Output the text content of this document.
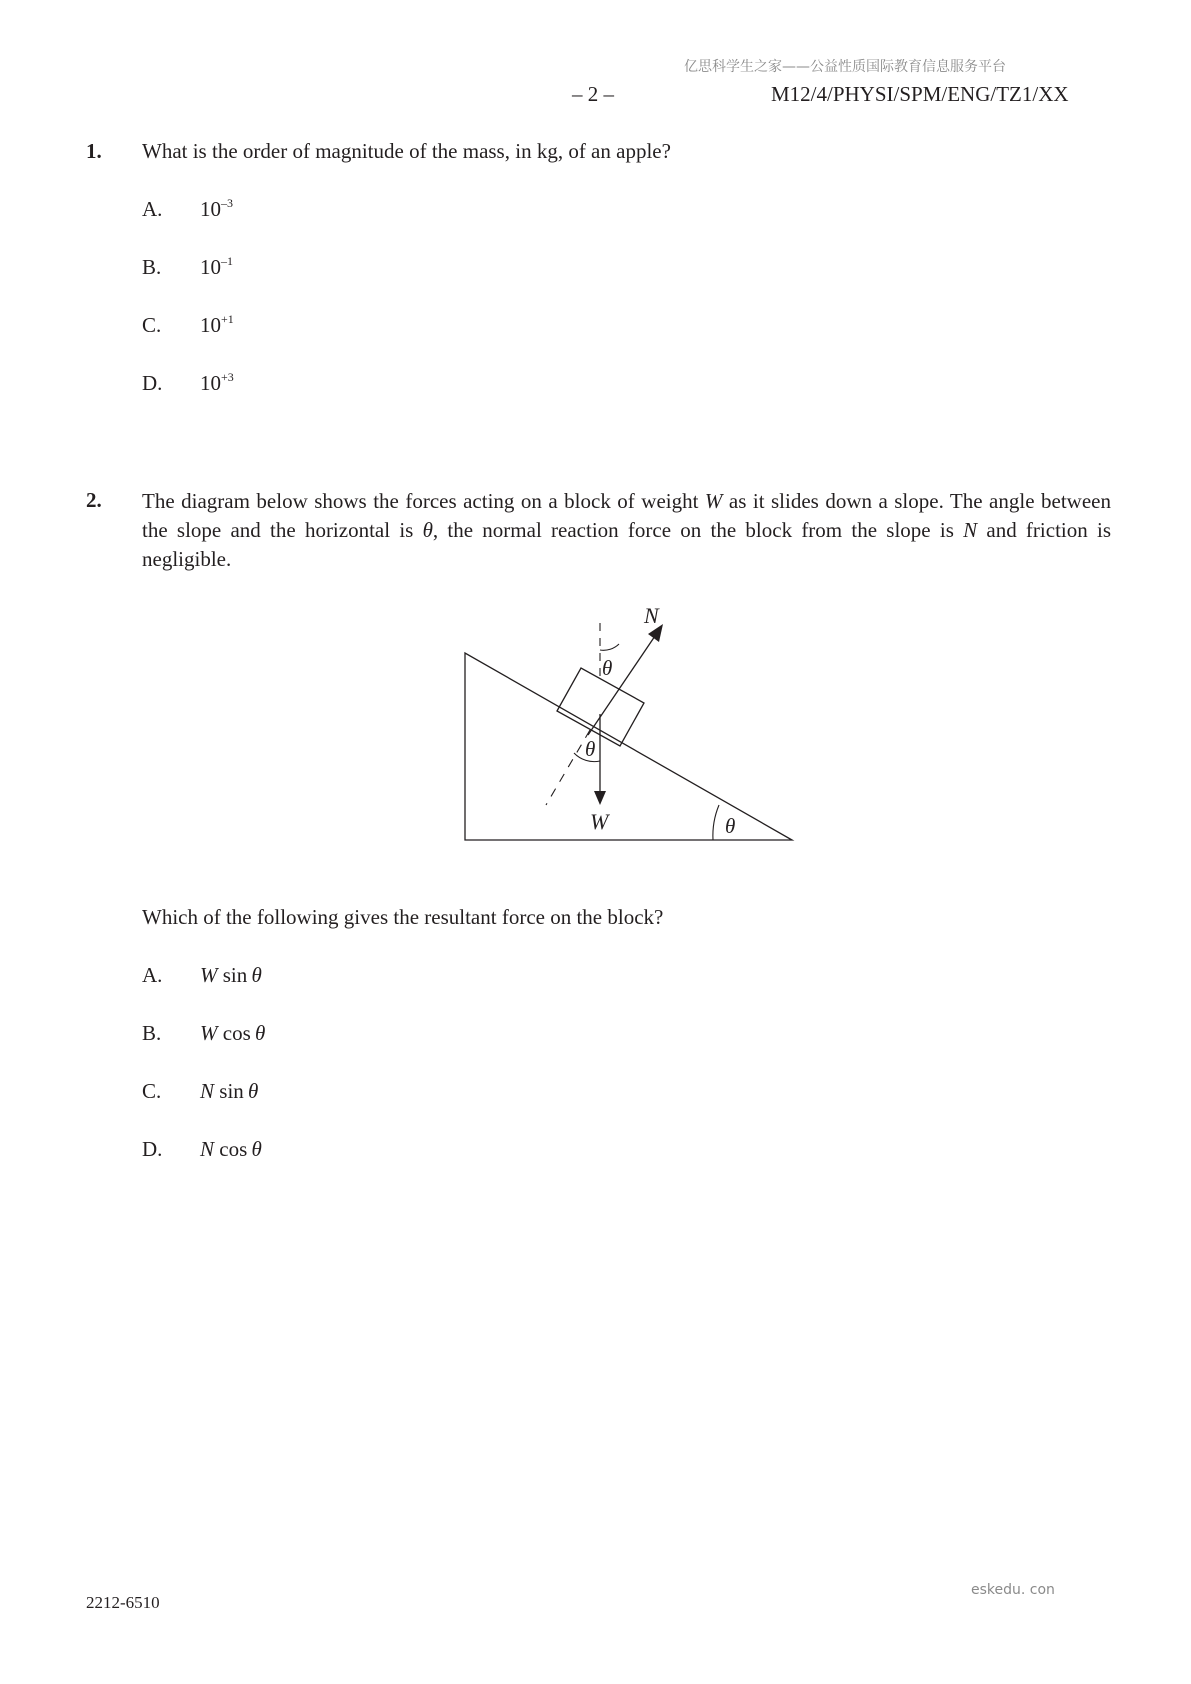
亿思科学生之家——公益性质国际教育信息服务平台
– 2 –	M12/4/PHYSI/SPM/ENG/TZ1/XX
1. What is the order of magnitude of the mass, in kg, of an apple?
A. $10^{-3}$
B. $10^{-1}$
C. $10^{+1}$
D. $10^{+3}$
2. The diagram below shows the forces acting on a block of weight W as it slides down a slope. The angle between the slope and the horizontal is θ, the normal reaction force on the block from the slope is N and friction is negligible.
N
θ
θ
W	θ
Which of the following gives the resultant force on the block?
A. W sin  θ
B. W cos  θ
C. N sin  θ
D. N cos  θ
eskedu. con
2212-6510
